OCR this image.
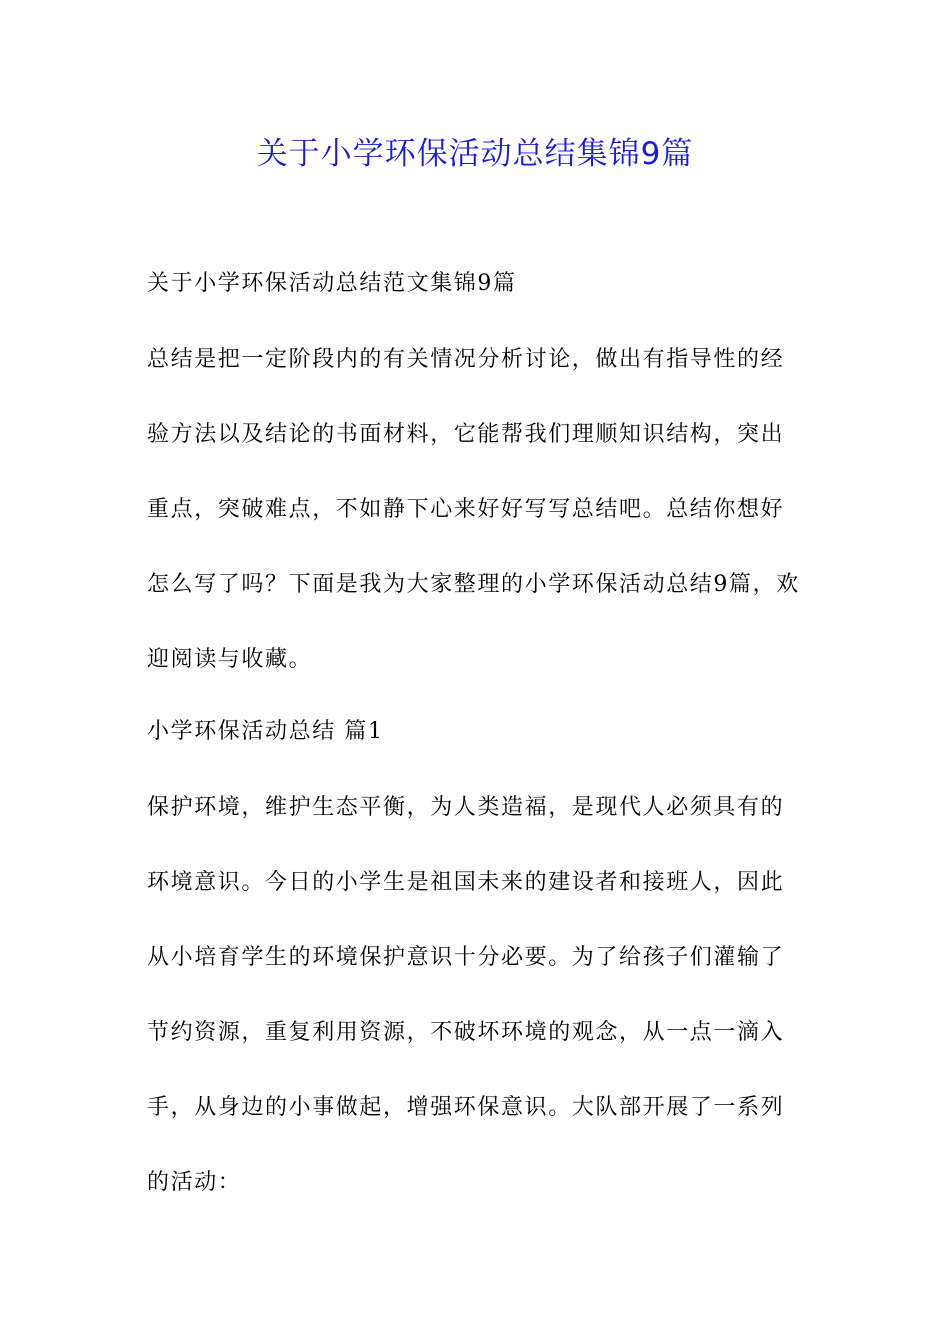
关于小学环保活动总结集锦9篇
关于小学环保活动总结范文集锦9篇
总结是把一定阶段内的有关情况分析讨论，做出有指导性的经验方法以及结论的书面材料，它能帮我们理顺知识结构，突出重点，突破难点，不如静下心来好好写写总结吧。总结你想好怎么写了吗？下面是我为大家整理的小学环保活动总结9篇，欢迎阅读与收藏。
小学环保活动总结 篇1
保护环境，维护生态平衡，为人类造福，是现代人必须具有的环境意识。今日的小学生是祖国未来的建设者和接班人，因此从小培育学生的环境保护意识十分必要。为了给孩子们灌输了节约资源，重复利用资源，不破坏环境的观念，从一点一滴入手，从身边的小事做起，增强环保意识。大队部开展了一系列的活动：
